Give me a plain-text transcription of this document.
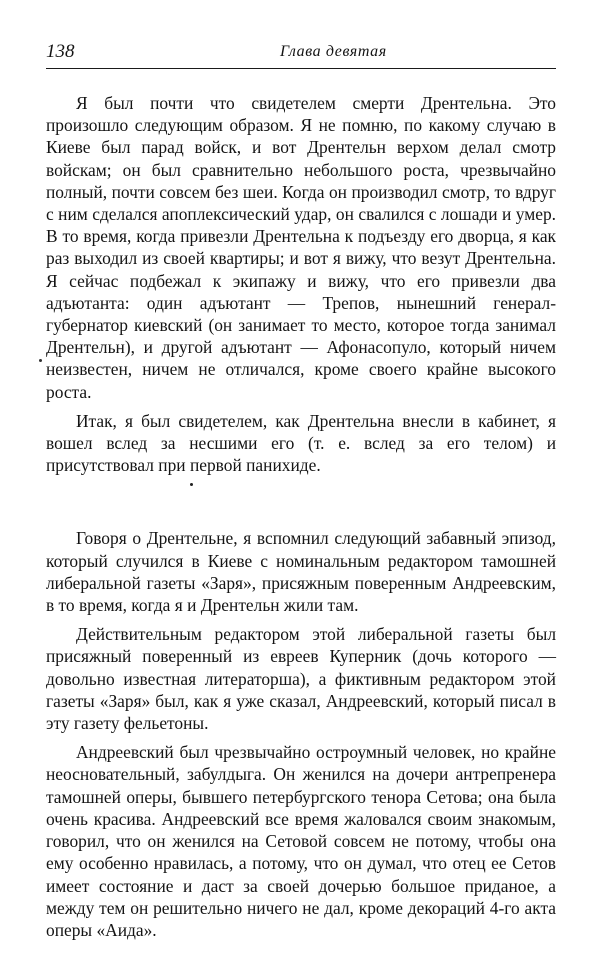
138	Глава девятая

Я был почти что свидетелем смерти Дрентельна. Это произошло следующим образом. Я не помню, по какому случаю в Киеве был парад войск, и вот Дрентельн верхом делал смотр войскам; он был сравнительно небольшого роста, чрезвычайно полный, почти совсем без шеи. Когда он производил смотр, то вдруг с ним сделался апоплексический удар, он свалился с лошади и умер. В то время, когда привезли Дрентельна к подъезду его дворца, я как раз выходил из своей квартиры; и вот я вижу, что везут Дрентельна. Я сейчас подбежал к экипажу и вижу, что его привезли два адъютанта: один адъютант — Трепов, нынешний генерал-губернатор киевский (он занимает то место, которое тогда занимал Дрентельн), и другой адъютант — Афонасопуло, который ничем неизвестен, ничем не отличался, кроме своего крайне высокого роста.

Итак, я был свидетелем, как Дрентельна внесли в кабинет, я вошел вслед за несшими его (т. е. вслед за его телом) и присутствовал при первой панихиде.

Говоря о Дрентельне, я вспомнил следующий забавный эпизод, который случился в Киеве с номинальным редактором тамошней либеральной газеты «Заря», присяжным поверенным Андреевским, в то время, когда я и Дрентельн жили там.

Действительным редактором этой либеральной газеты был присяжный поверенный из евреев Куперник (дочь которого — довольно известная литераторша), а фиктивным редактором этой газеты «Заря» был, как я уже сказал, Андреевский, который писал в эту газету фельетоны.

Андреевский был чрезвычайно остроумный человек, но крайне неосновательный, забулдыга. Он женился на дочери антрепренера тамошней оперы, бывшего петербургского тенора Сетова; она была очень красива. Андреевский все время жаловался своим знакомым, говорил, что он женился на Сетовой совсем не потому, чтобы она ему особенно нравилась, а потому, что он думал, что отец ее Сетов имеет состояние и даст за своей дочерью большое приданое, а между тем он решительно ничего не дал, кроме декораций 4-го акта оперы «Аида».
